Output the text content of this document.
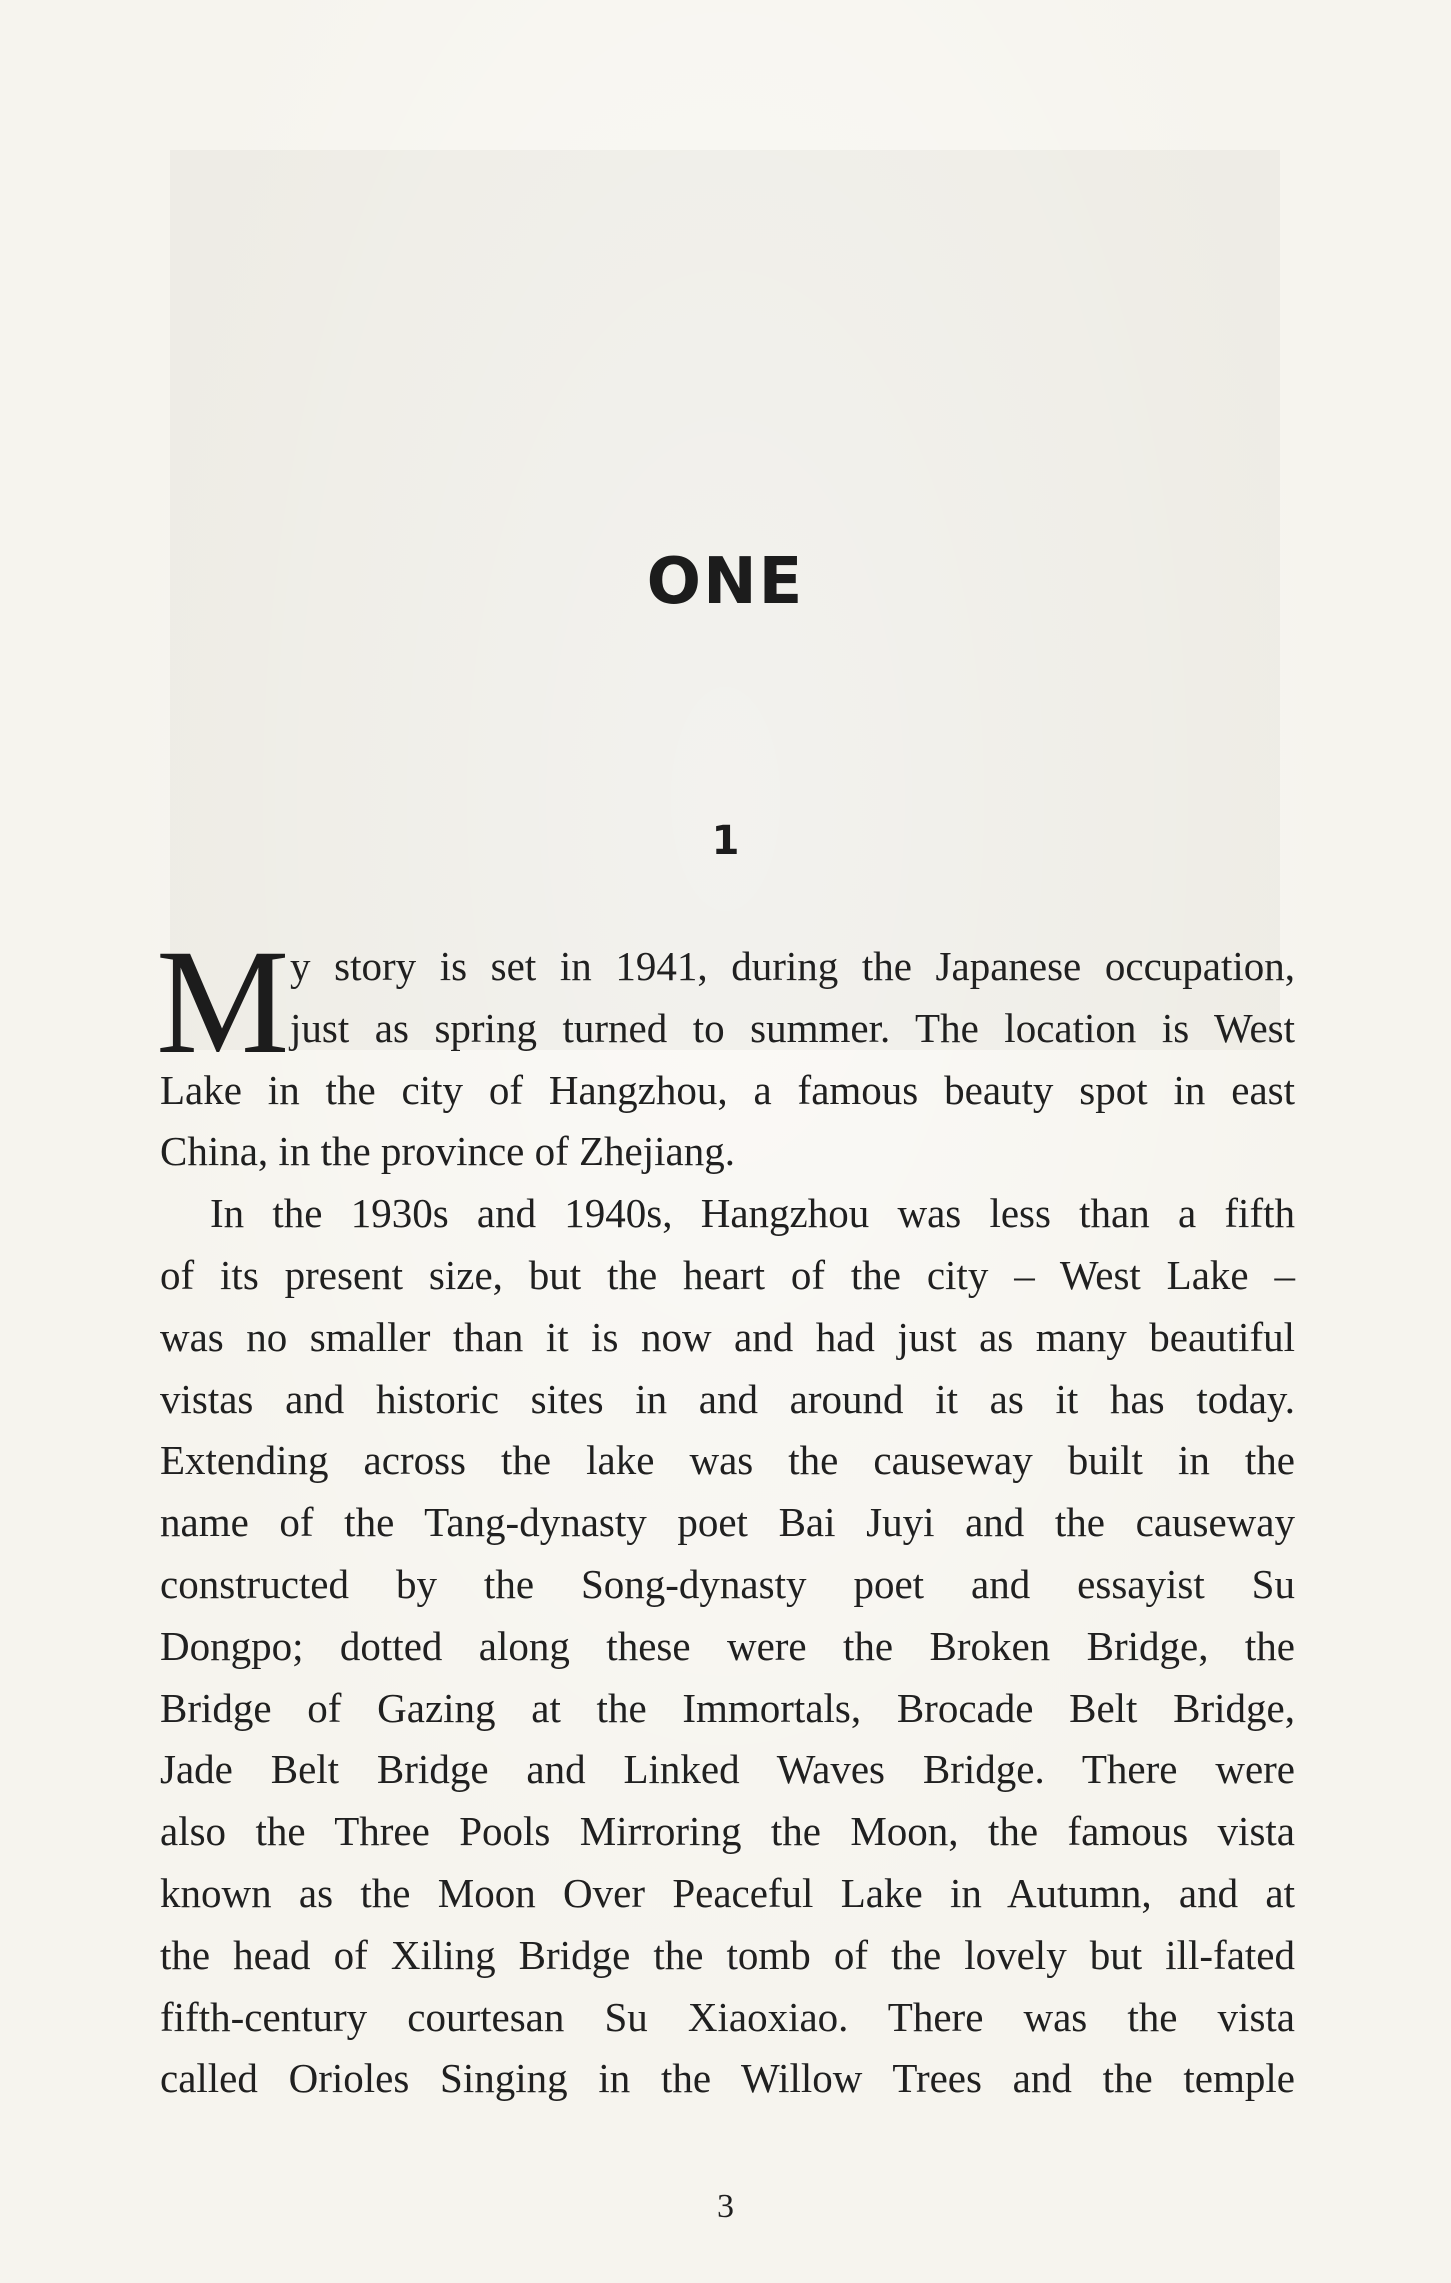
ONE
1
M y story is set in 1941, during the Japanese occupation,
just as spring turned to summer. The location is West
Lake in the city of Hangzhou, a famous beauty spot in east
China, in the province of Zhejiang.
In the 1930s and 1940s, Hangzhou was less than a fifth
of its present size, but the heart of the city – West Lake –
was no smaller than it is now and had just as many beautiful
vistas and historic sites in and around it as it has today.
Extending across the lake was the causeway built in the
name of the Tang-dynasty poet Bai Juyi and the causeway
constructed by the Song-dynasty poet and essayist Su
Dongpo; dotted along these were the Broken Bridge, the
Bridge of Gazing at the Immortals, Brocade Belt Bridge,
Jade Belt Bridge and Linked Waves Bridge. There were
also the Three Pools Mirroring the Moon, the famous vista
known as the Moon Over Peaceful Lake in Autumn, and at
the head of Xiling Bridge the tomb of the lovely but ill-fated
fifth-century courtesan Su Xiaoxiao. There was the vista
called Orioles Singing in the Willow Trees and the temple
3
